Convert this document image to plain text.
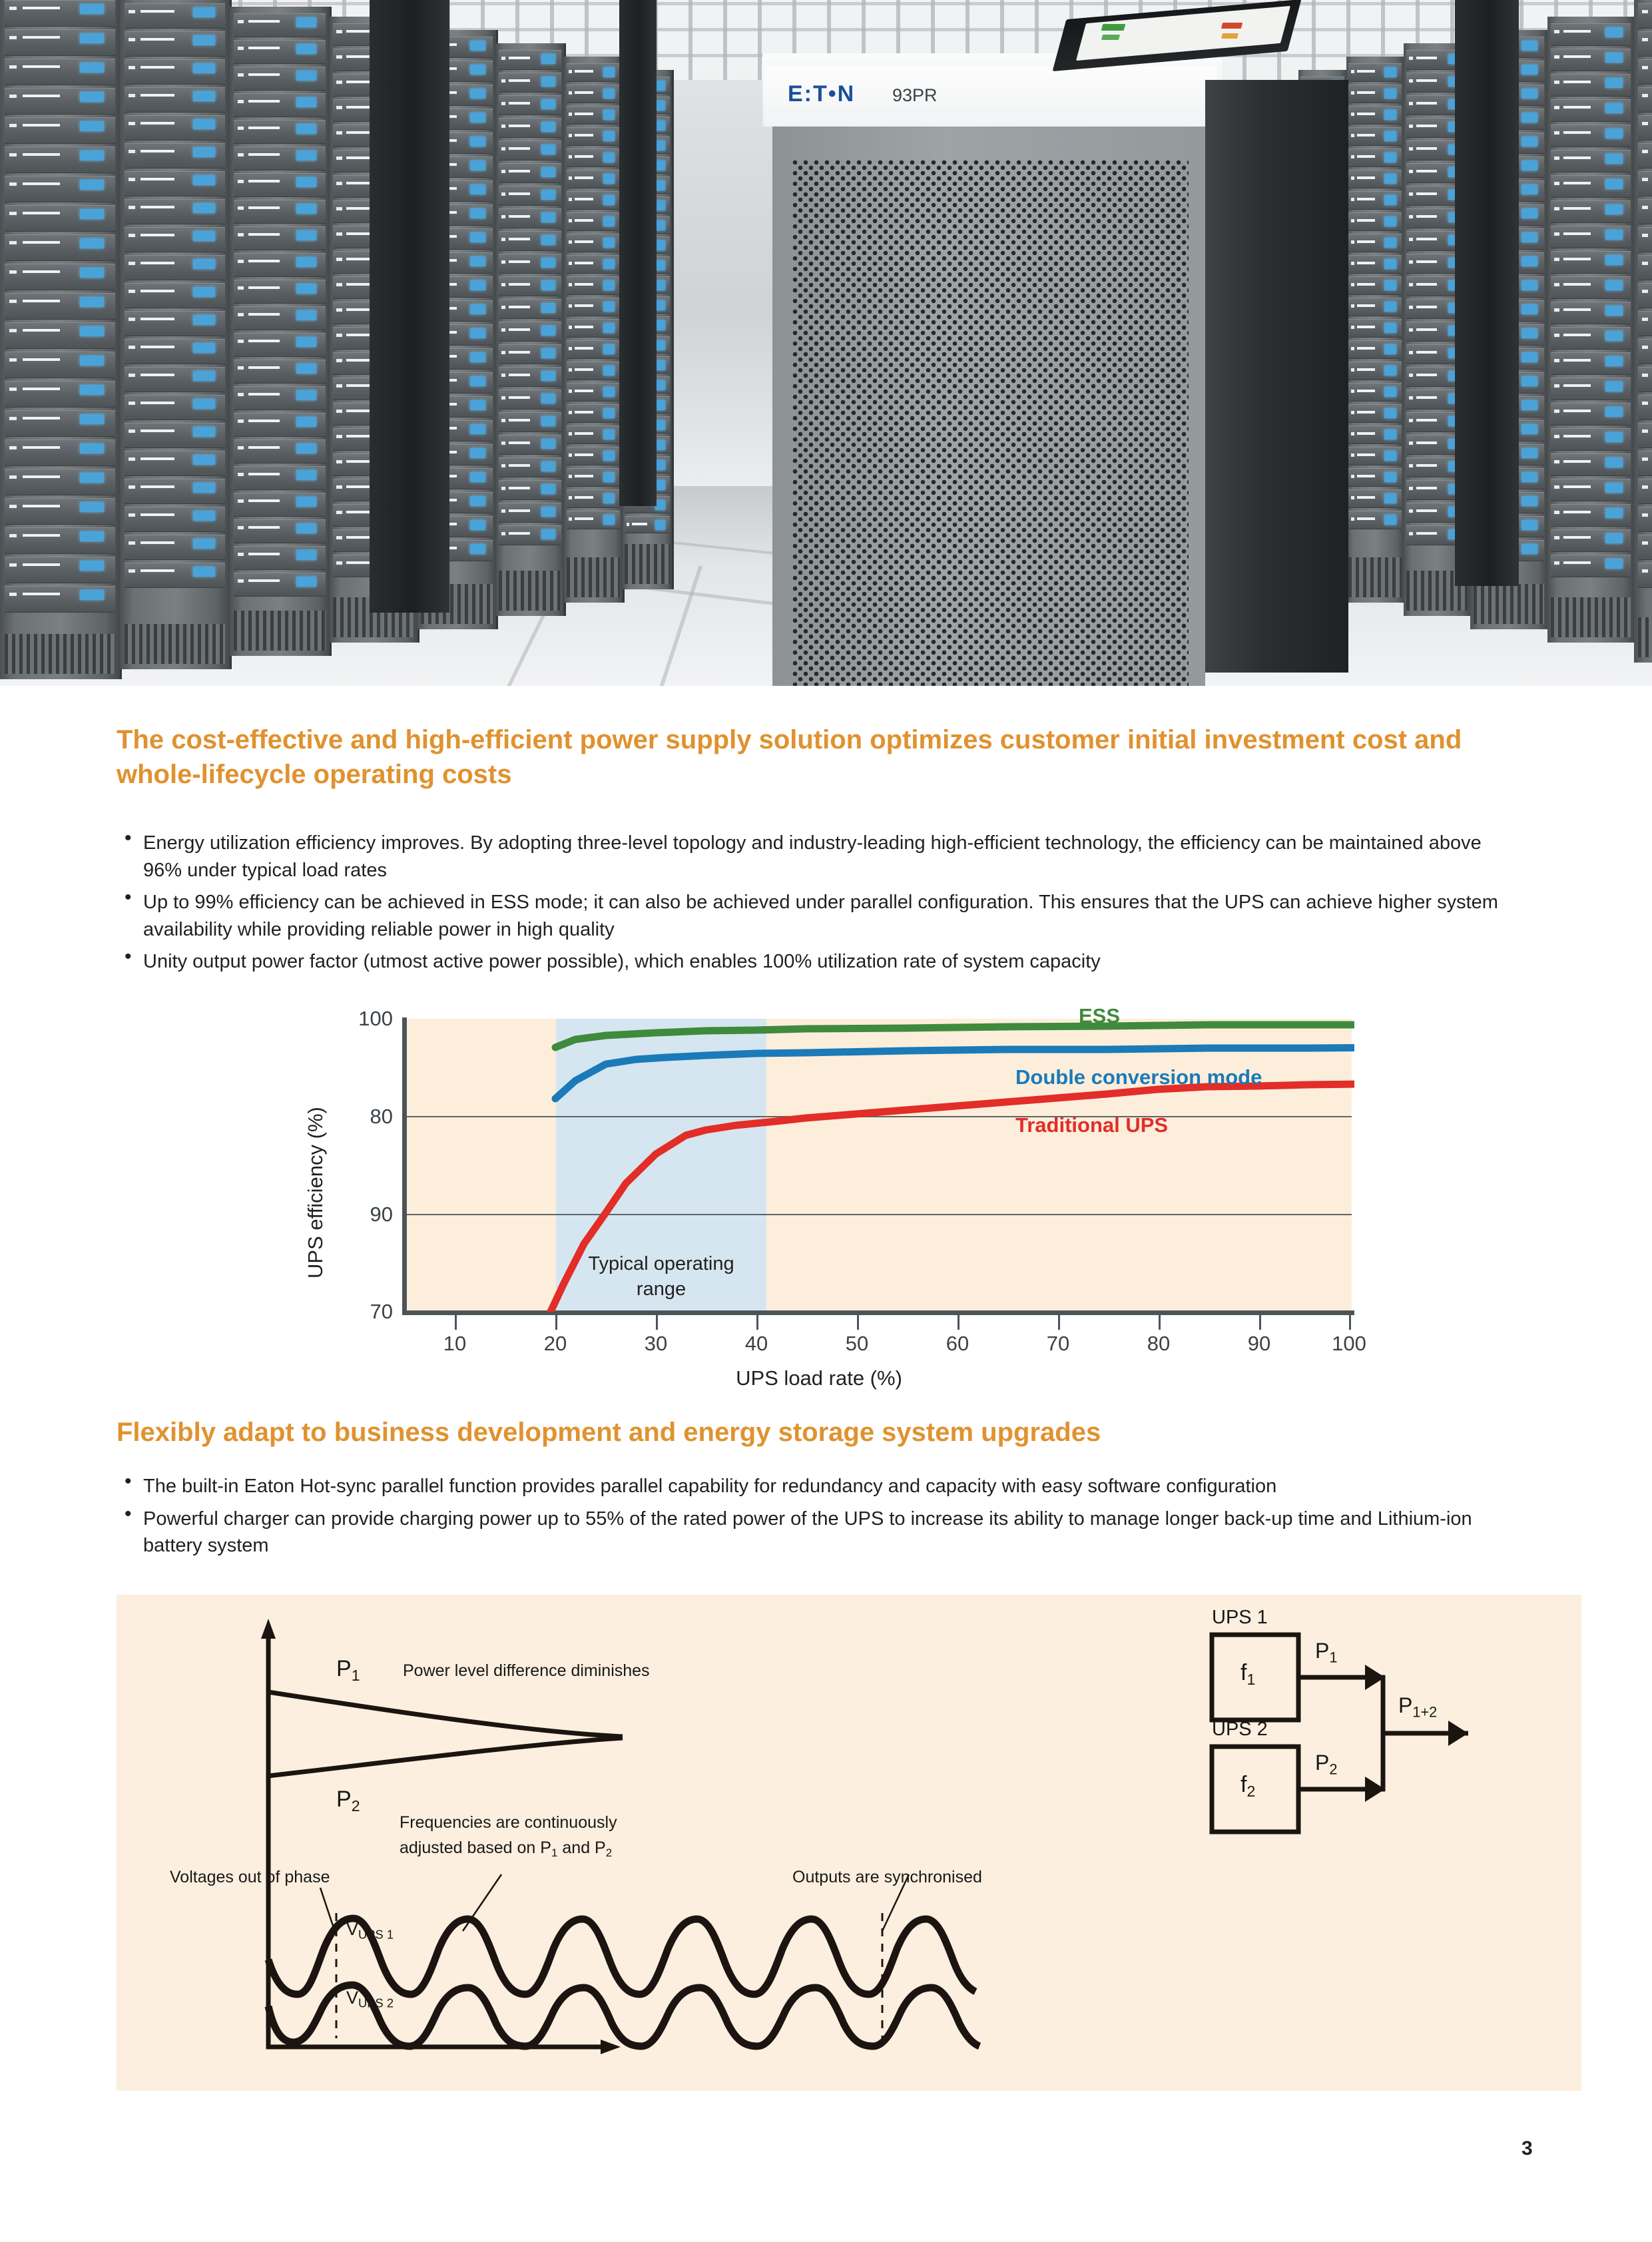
E:T•N 93PR
The cost-effective and high-efficient power supply solution optimizes customer initial investment cost and whole-lifecycle operating costs
• Energy utilization efficiency improves. By adopting three-level topology and industry-leading high-efficient technology, the efficiency can be maintained above 96% under typical load rates
• Up to 99% efficiency can be achieved in ESS mode; it can also be achieved under parallel configuration. This ensures that the UPS can achieve higher system availability while providing reliable power in high quality
• Unity output power factor (utmost active power possible), which enables 100% utilization rate of system capacity
100
90
80
70
10	20	30	40	50	60	70	80	90	100
UPS efficiency (%)
UPS load rate (%)
Typical operating range
ESS
Double conversion mode
Traditional UPS
Flexibly adapt to business development and energy storage system upgrades
• The built-in Eaton Hot-sync parallel function provides parallel capability for redundancy and capacity with easy software configuration
• Powerful charger can provide charging power up to 55% of the rated power of the UPS to increase its ability to manage longer back-up time and Lithium-ion battery system
$P_1$
$P_2$
Power level difference diminishes
Frequencies are continuously
adjusted based on $P_1$ and $P_2$
Voltages out of phase	Outputs are synchronised
$V_{UPS 1}$
$V_{UPS 2}$
UPS 1
$f_1$
$P_1$
UPS 2
$f_2$
$P_2$
$P_{1+2}$
3
